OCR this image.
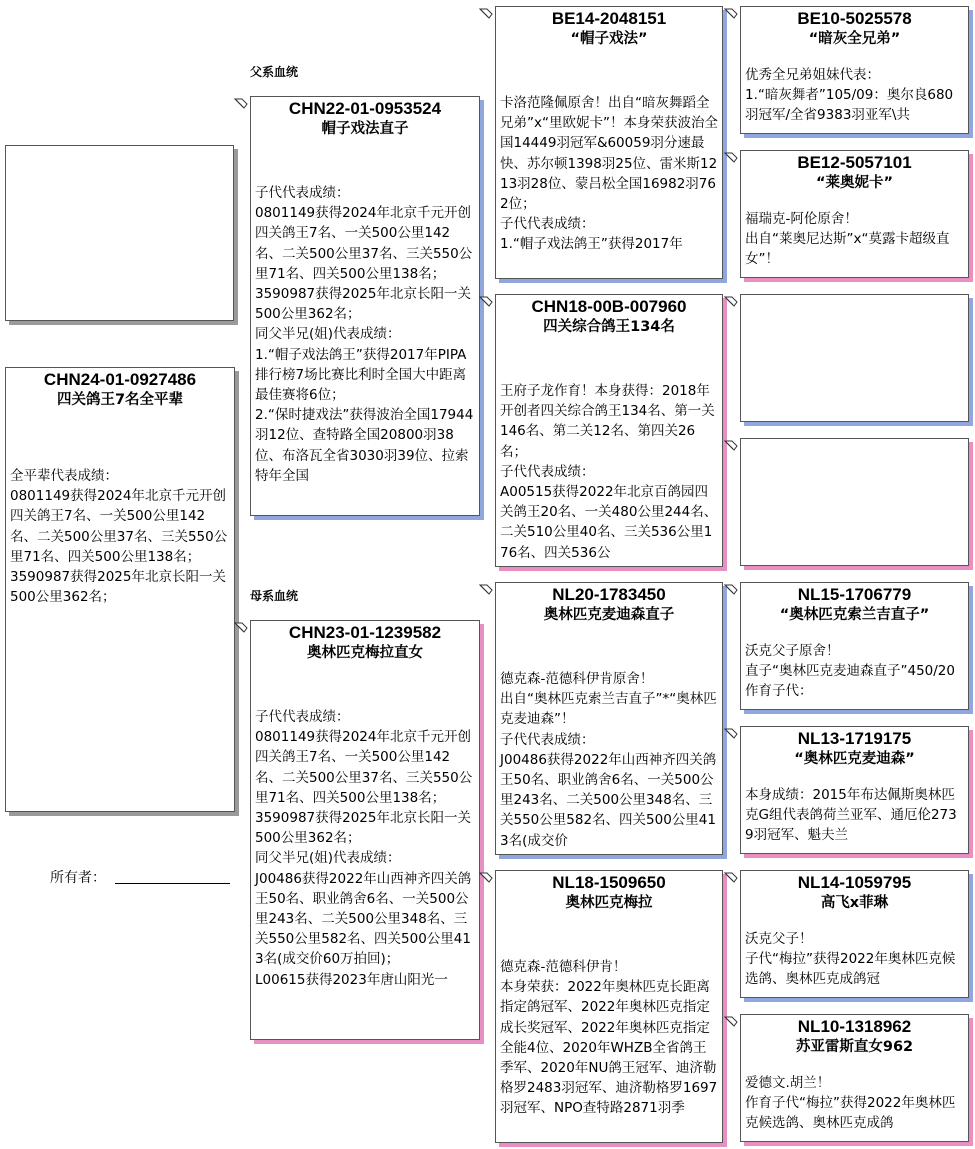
CHN24-01-0927486
四关鸽王7名全平辈
全平辈代表成绩：
0801149获得2024年北京千元开创四关鸽王7名、一关500公里142名、二关500公里37名、三关550公里71名、四关500公里138名；
3590987获得2025年北京长阳一关500公里362名；
所有者：
父系血统
母系血统
CHN22-01-0953524
帽子戏法直子
子代代表成绩：
0801149获得2024年北京千元开创四关鸽王7名、一关500公里142名、二关500公里37名、三关550公里71名、四关500公里138名；
3590987获得2025年北京长阳一关500公里362名；
同父半兄(姐)代表成绩：
1.“帽子戏法鸽王”获得2017年PIPA排行榜7场比赛比利时全国大中距离最佳赛将6位；
2.“保时捷戏法”获得波治全国17944羽12位、查特路全国20800羽38位、布洛瓦全省3030羽39位、拉索特年全国
CHN23-01-1239582
奥林匹克梅拉直女
子代代表成绩：
0801149获得2024年北京千元开创四关鸽王7名、一关500公里142名、二关500公里37名、三关550公里71名、四关500公里138名；
3590987获得2025年北京长阳一关500公里362名；
同父半兄(姐)代表成绩：
J00486获得2022年山西神齐四关鸽王50名、职业鸽舍6名、一关500公里243名、二关500公里348名、三关550公里582名、四关500公里413名(成交价60万拍回)；
L00615获得2023年唐山阳光一
BE14-2048151
“帽子戏法”
卡洛范隆佩原舍！出自“暗灰舞蹈全兄弟”x“里欧妮卡”！本身荣获波治全国14449羽冠军&60059羽分速最快、苏尔顿1398羽25位、雷米斯1213羽28位、蒙吕松全国16982羽762位；
子代代表成绩：
1.“帽子戏法鸽王”获得2017年
CHN18-00B-007960
四关综合鸽王134名
王府子龙作育！本身获得：2018年开创者四关综合鸽王134名、第一关146名、第二关12名、第四关26名；
子代代表成绩：
A00515获得2022年北京百鸽园四关鸽王20名、一关480公里244名、二关510公里40名、三关536公里176名、四关536公
NL20-1783450
奥林匹克麦迪森直子
德克森-范德科伊肯原舍！
出自“奥林匹克索兰吉直子”*“奥林匹克麦迪森”！
子代代表成绩：
J00486获得2022年山西神齐四关鸽王50名、职业鸽舍6名、一关500公里243名、二关500公里348名、三关550公里582名、四关500公里413名(成交价
NL18-1509650
奥林匹克梅拉
德克森-范德科伊肯！
本身荣获：2022年奥林匹克长距离指定鸽冠军、2022年奥林匹克指定成长奖冠军、2022年奥林匹克指定全能4位、2020年WHZB全省鸽王季军、2020年NU鸽王冠军、迪济勒格罗2483羽冠军、迪济勒格罗1697羽冠军、NPO查特路2871羽季
BE10-5025578
“暗灰全兄弟”
优秀全兄弟姐妹代表：
1.“暗灰舞者”105/09：奥尔良680羽冠军/全省9383羽亚军\共
BE12-5057101
“莱奥妮卡”
福瑞克-阿伦原舍！
出自“莱奥尼达斯”x“莫露卡超级直女”！
NL15-1706779
“奥林匹克索兰吉直子”
沃克父子原舍！
直子“奥林匹克麦迪森直子”450/20作育子代：
NL13-1719175
“奥林匹克麦迪森”
本身成绩：2015年布达佩斯奥林匹克G组代表鸽荷兰亚军、通厄伦2739羽冠军、魁夫兰
NL14-1059795
高飞x菲琳
沃克父子！
子代“梅拉”获得2022年奥林匹克候选鸽、奥林匹克成鸽冠
NL10-1318962
苏亚雷斯直女962
爱德文.胡兰！
作育子代“梅拉”获得2022年奥林匹克候选鸽、奥林匹克成鸽
